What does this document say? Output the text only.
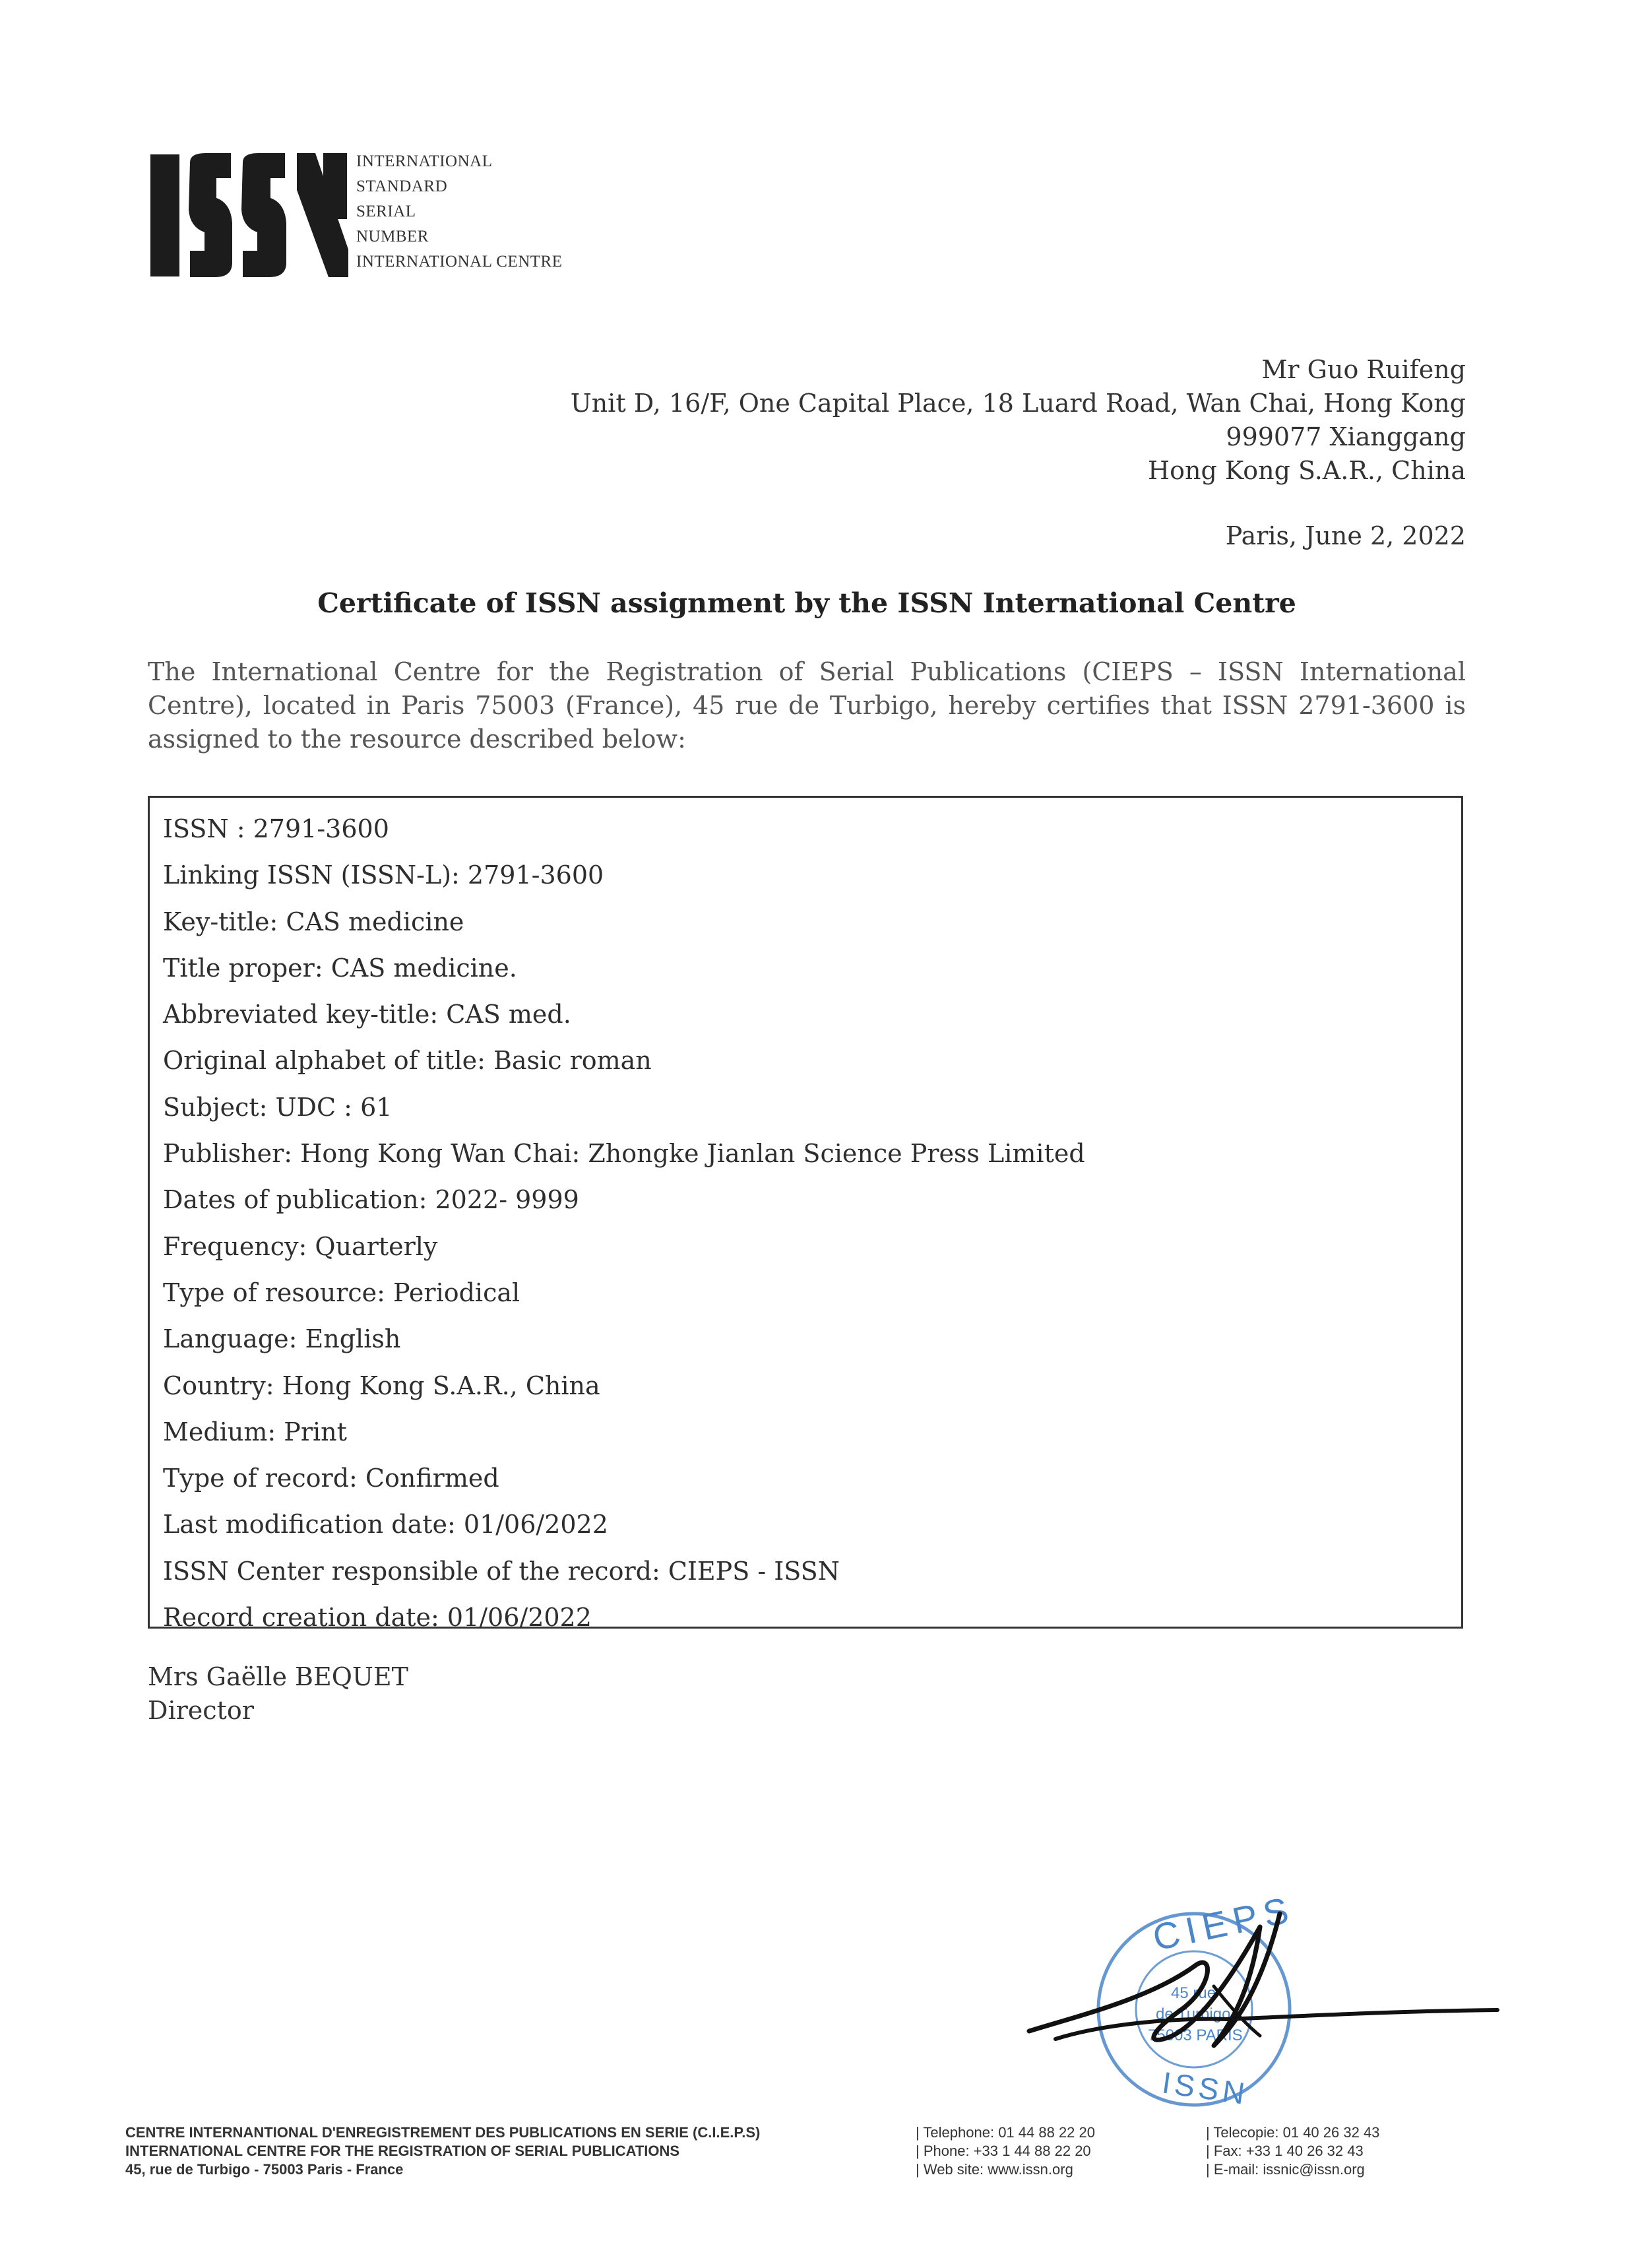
INTERNATIONAL
STANDARD
SERIAL
NUMBER
INTERNATIONAL CENTRE
Mr Guo Ruifeng
Unit D, 16/F, One Capital Place, 18 Luard Road, Wan Chai, Hong Kong
999077 Xianggang
Hong Kong S.A.R., China
Paris, June 2, 2022
Certificate of ISSN assignment by the ISSN International Centre
The International Centre for the Registration of Serial Publications (CIEPS – ISSN International Centre), located in Paris 75003 (France), 45 rue de Turbigo, hereby certifies that ISSN 2791-3600 is assigned to the resource described below:
ISSN : 2791-3600
Linking ISSN (ISSN-L): 2791-3600
Key-title: CAS medicine
Title proper: CAS medicine.
Abbreviated key-title: CAS med.
Original alphabet of title: Basic roman
Subject: UDC : 61
Publisher: Hong Kong Wan Chai: Zhongke Jianlan Science Press Limited
Dates of publication: 2022- 9999
Frequency: Quarterly
Type of resource: Periodical
Language: English
Country: Hong Kong S.A.R., China
Medium: Print
Type of record: Confirmed
Last modification date: 01/06/2022
ISSN Center responsible of the record: CIEPS - ISSN
Record creation date: 01/06/2022
Mrs Gaëlle BEQUET
Director
CIEPS
45 rue
de Turbigo
75003 PARIS
ISSN
CENTRE INTERNANTIONAL D'ENREGISTREMENT DES PUBLICATIONS EN SERIE (C.I.E.P.S)
INTERNATIONAL CENTRE FOR THE REGISTRATION OF SERIAL PUBLICATIONS
45, rue de Turbigo - 75003 Paris - France
| Telephone: 01 44 88 22 20
| Phone: +33 1 44 88 22 20
| Web site: www.issn.org
| Telecopie: 01 40 26 32 43
| Fax: +33 1 40 26 32 43
| E-mail: issnic@issn.org
